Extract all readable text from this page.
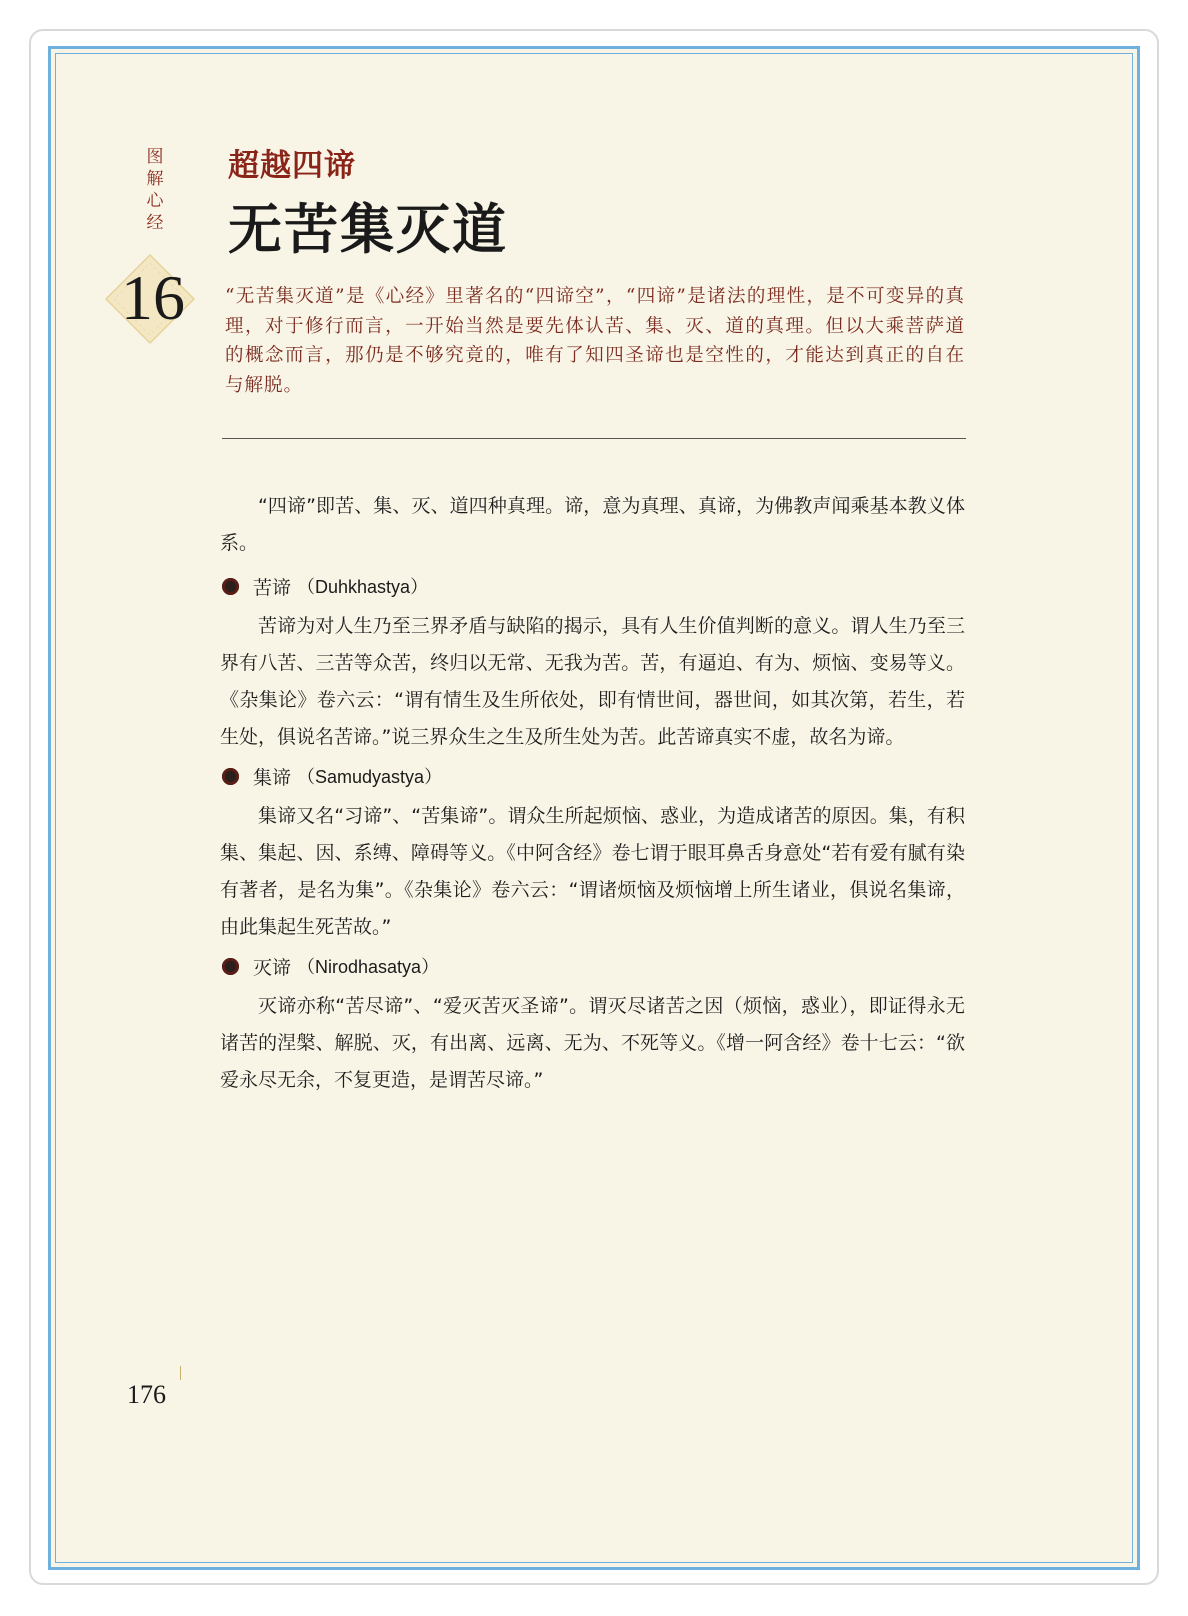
图
解
心
经
16
超越四谛
无苦集灭道
“无苦集灭道”是《心经》里著名的“四谛空”，“四谛”是诸法的理性，是不可变异的真理，对于修行而言，一开始当然是要先体认苦、集、灭、道的真理。但以大乘菩萨道的概念而言，那仍是不够究竟的，唯有了知四圣谛也是空性的，才能达到真正的自在与解脱。

“四谛”即苦、集、灭、道四种真理。谛，意为真理、真谛，为佛教声闻乘基本教义体系。

苦谛 （Duhkhastya）

苦谛为对人生乃至三界矛盾与缺陷的揭示，具有人生价值判断的意义。谓人生乃至三界有八苦、三苦等众苦，终归以无常、无我为苦。苦，有逼迫、有为、烦恼、变易等义。《杂集论》卷六云：“谓有情生及生所依处，即有情世间，器世间，如其次第，若生，若生处，俱说名苦谛。”说三界众生之生及所生处为苦。此苦谛真实不虚，故名为谛。

集谛 （Samudyastya）

集谛又名“习谛”、“苦集谛”。谓众生所起烦恼、惑业，为造成诸苦的原因。集，有积集、集起、因、系缚、障碍等义。《中阿含经》卷七谓于眼耳鼻舌身意处“若有爱有腻有染有著者，是名为集”。《杂集论》卷六云：“谓诸烦恼及烦恼增上所生诸业，俱说名集谛，由此集起生死苦故。”

灭谛 （Nirodhasatya）

灭谛亦称“苦尽谛”、“爱灭苦灭圣谛”。谓灭尽诸苦之因（烦恼，惑业），即证得永无诸苦的涅槃、解脱、灭，有出离、远离、无为、不死等义。《增一阿含经》卷十七云：“欲爱永尽无余，不复更造，是谓苦尽谛。”

176
